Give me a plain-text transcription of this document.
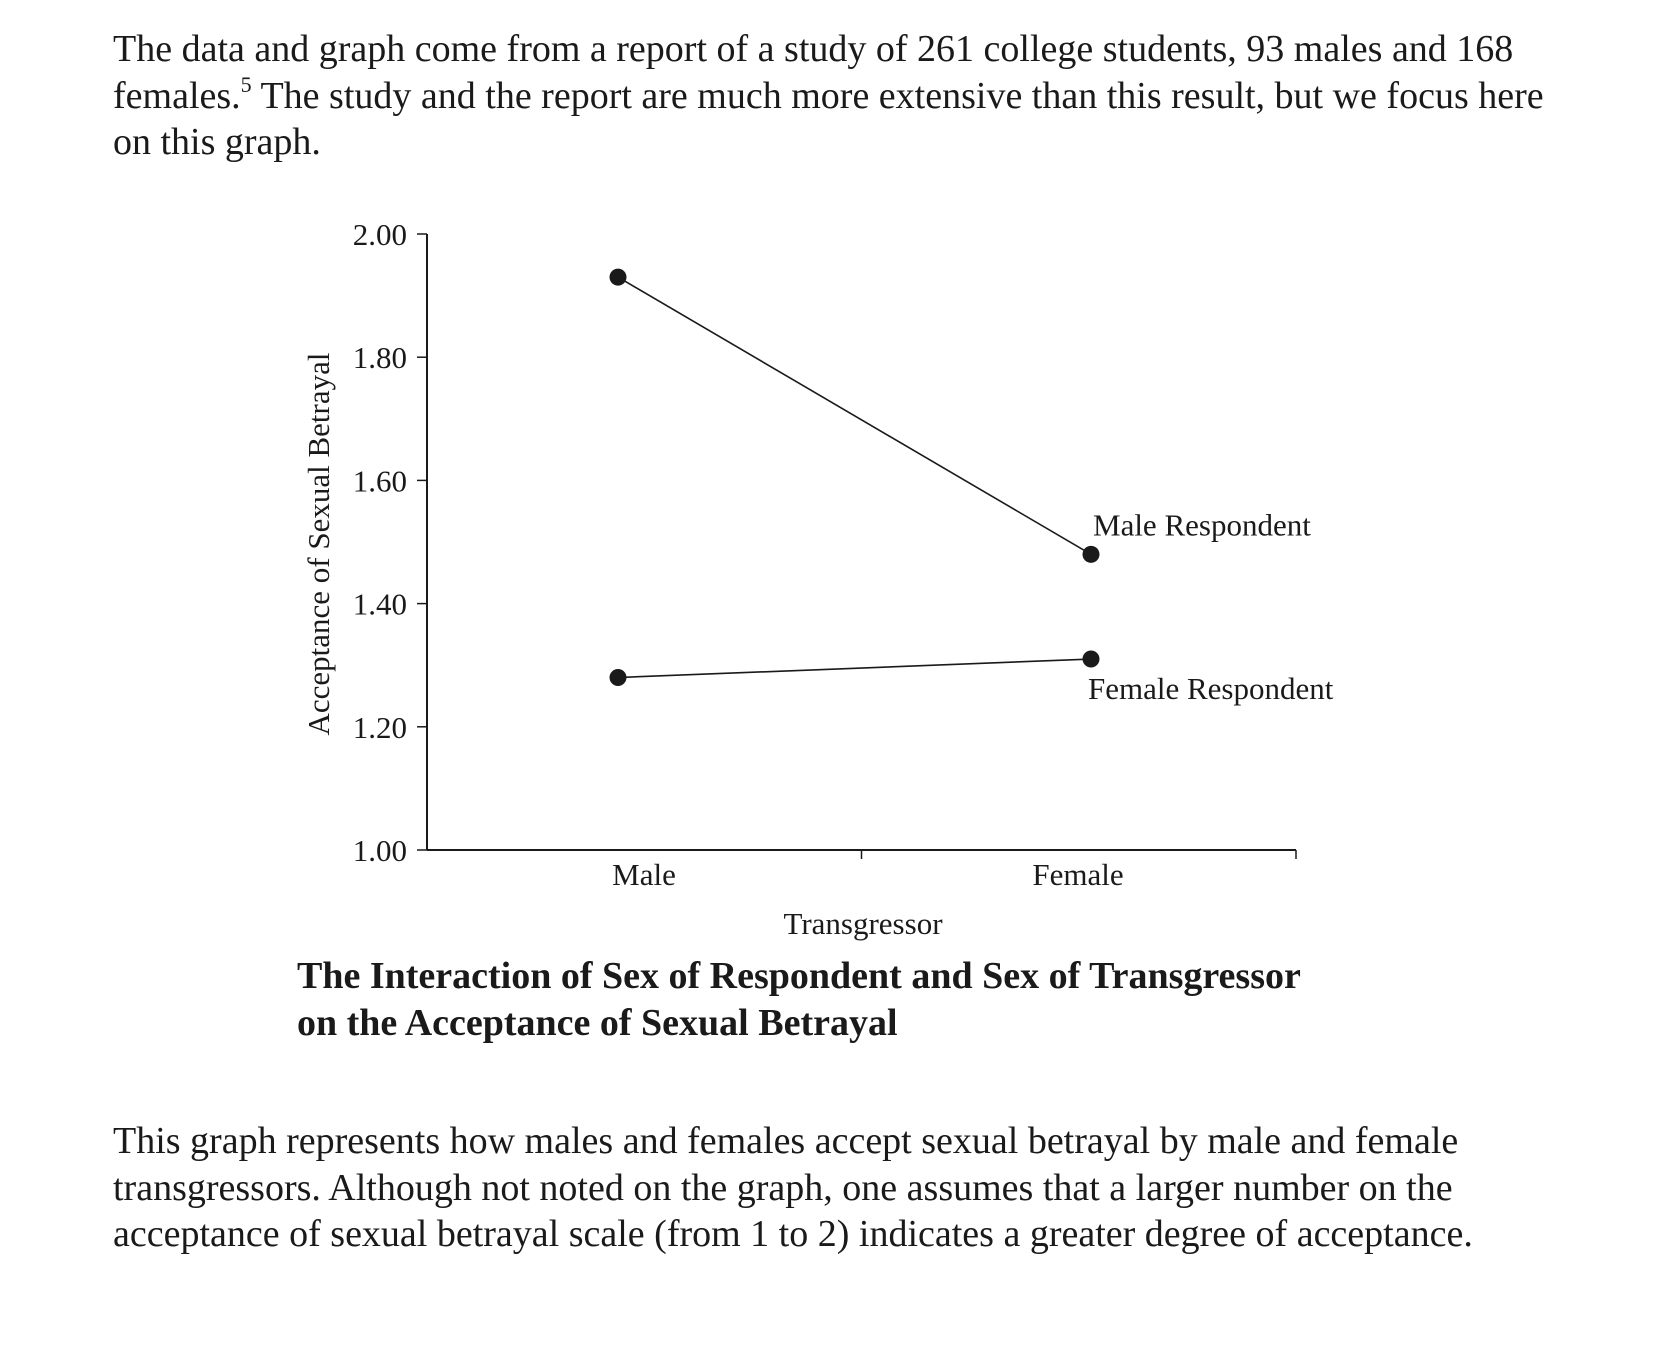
The data and graph come from a report of a study of 261 college students, 93 males and 168 females.$^5$ The study and the report are much more extensive than this result, but we focus here on this graph.

1.00
1.20
1.40
1.60
1.80
2.00
Male	Female
Transgressor
Acceptance of Sexual Betrayal	Male Respondent
Female Respondent
The Interaction of Sex of Respondent and Sex of Transgressor
on the Acceptance of Sexual Betrayal

This graph represents how males and females accept sexual betrayal by male and female transgressors. Although not noted on the graph, one assumes that a larger number on the acceptance of sexual betrayal scale (from 1 to 2) indicates a greater degree of acceptance.
